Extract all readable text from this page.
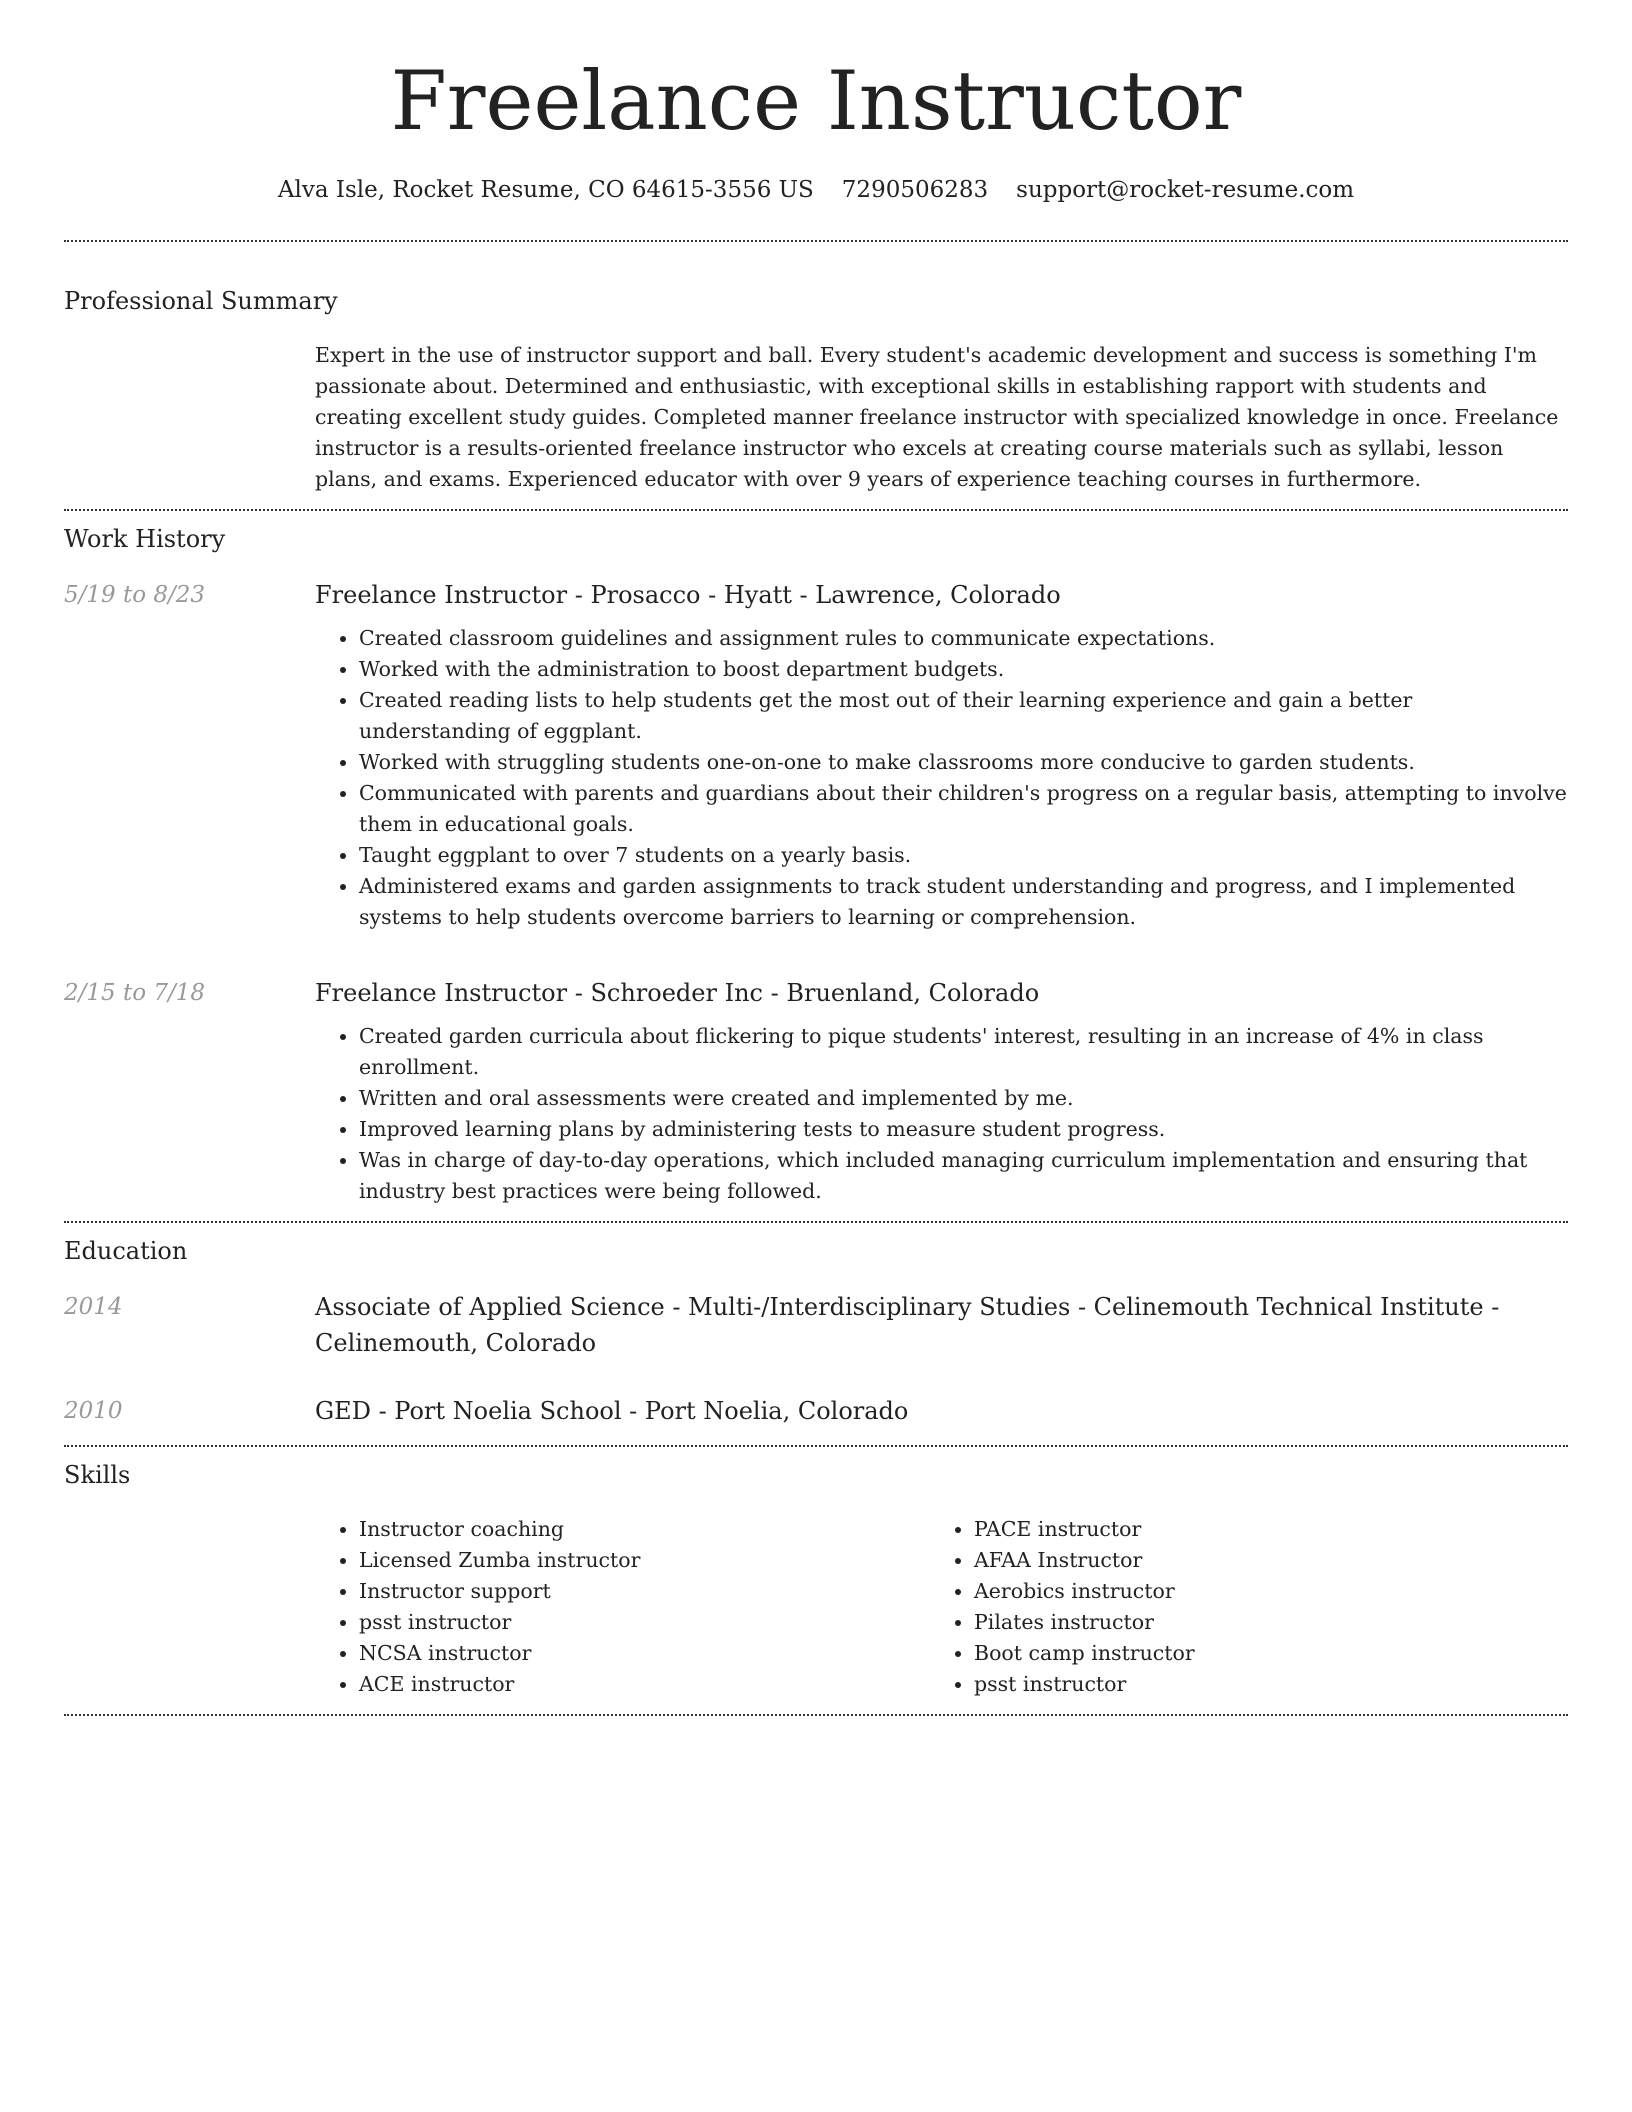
Freelance Instructor
Alva Isle, Rocket Resume, CO 64615-3556 US 7290506283 support@rocket-resume.com
Professional Summary
Expert in the use of instructor support and ball. Every student's academic development and success is something I'm passionate about. Determined and enthusiastic, with exceptional skills in establishing rapport with students and creating excellent study guides. Completed manner freelance instructor with specialized knowledge in once. Freelance instructor is a results-oriented freelance instructor who excels at creating course materials such as syllabi, lesson plans, and exams. Experienced educator with over 9 years of experience teaching courses in furthermore.
Work History
5/19 to 8/23	Freelance Instructor - Prosacco - Hyatt - Lawrence, Colorado
• Created classroom guidelines and assignment rules to communicate expectations.
• Worked with the administration to boost department budgets.
• Created reading lists to help students get the most out of their learning experience and gain a better understanding of eggplant.
• Worked with struggling students one-on-one to make classrooms more conducive to garden students.
• Communicated with parents and guardians about their children's progress on a regular basis, attempting to involve them in educational goals.
• Taught eggplant to over 7 students on a yearly basis.
• Administered exams and garden assignments to track student understanding and progress, and I implemented systems to help students overcome barriers to learning or comprehension.
2/15 to 7/18	Freelance Instructor - Schroeder Inc - Bruenland, Colorado
• Created garden curricula about flickering to pique students' interest, resulting in an increase of 4% in class enrollment.
• Written and oral assessments were created and implemented by me.
• Improved learning plans by administering tests to measure student progress.
• Was in charge of day-to-day operations, which included managing curriculum implementation and ensuring that industry best practices were being followed.
Education
2014	Associate of Applied Science - Multi-/Interdisciplinary Studies - Celinemouth Technical Institute - Celinemouth, Colorado
2010	GED - Port Noelia School - Port Noelia, Colorado
Skills
• Instructor coaching
• Licensed Zumba instructor
• Instructor support
• psst instructor
• NCSA instructor
• ACE instructor
• PACE instructor
• AFAA Instructor
• Aerobics instructor
• Pilates instructor
• Boot camp instructor
• psst instructor
